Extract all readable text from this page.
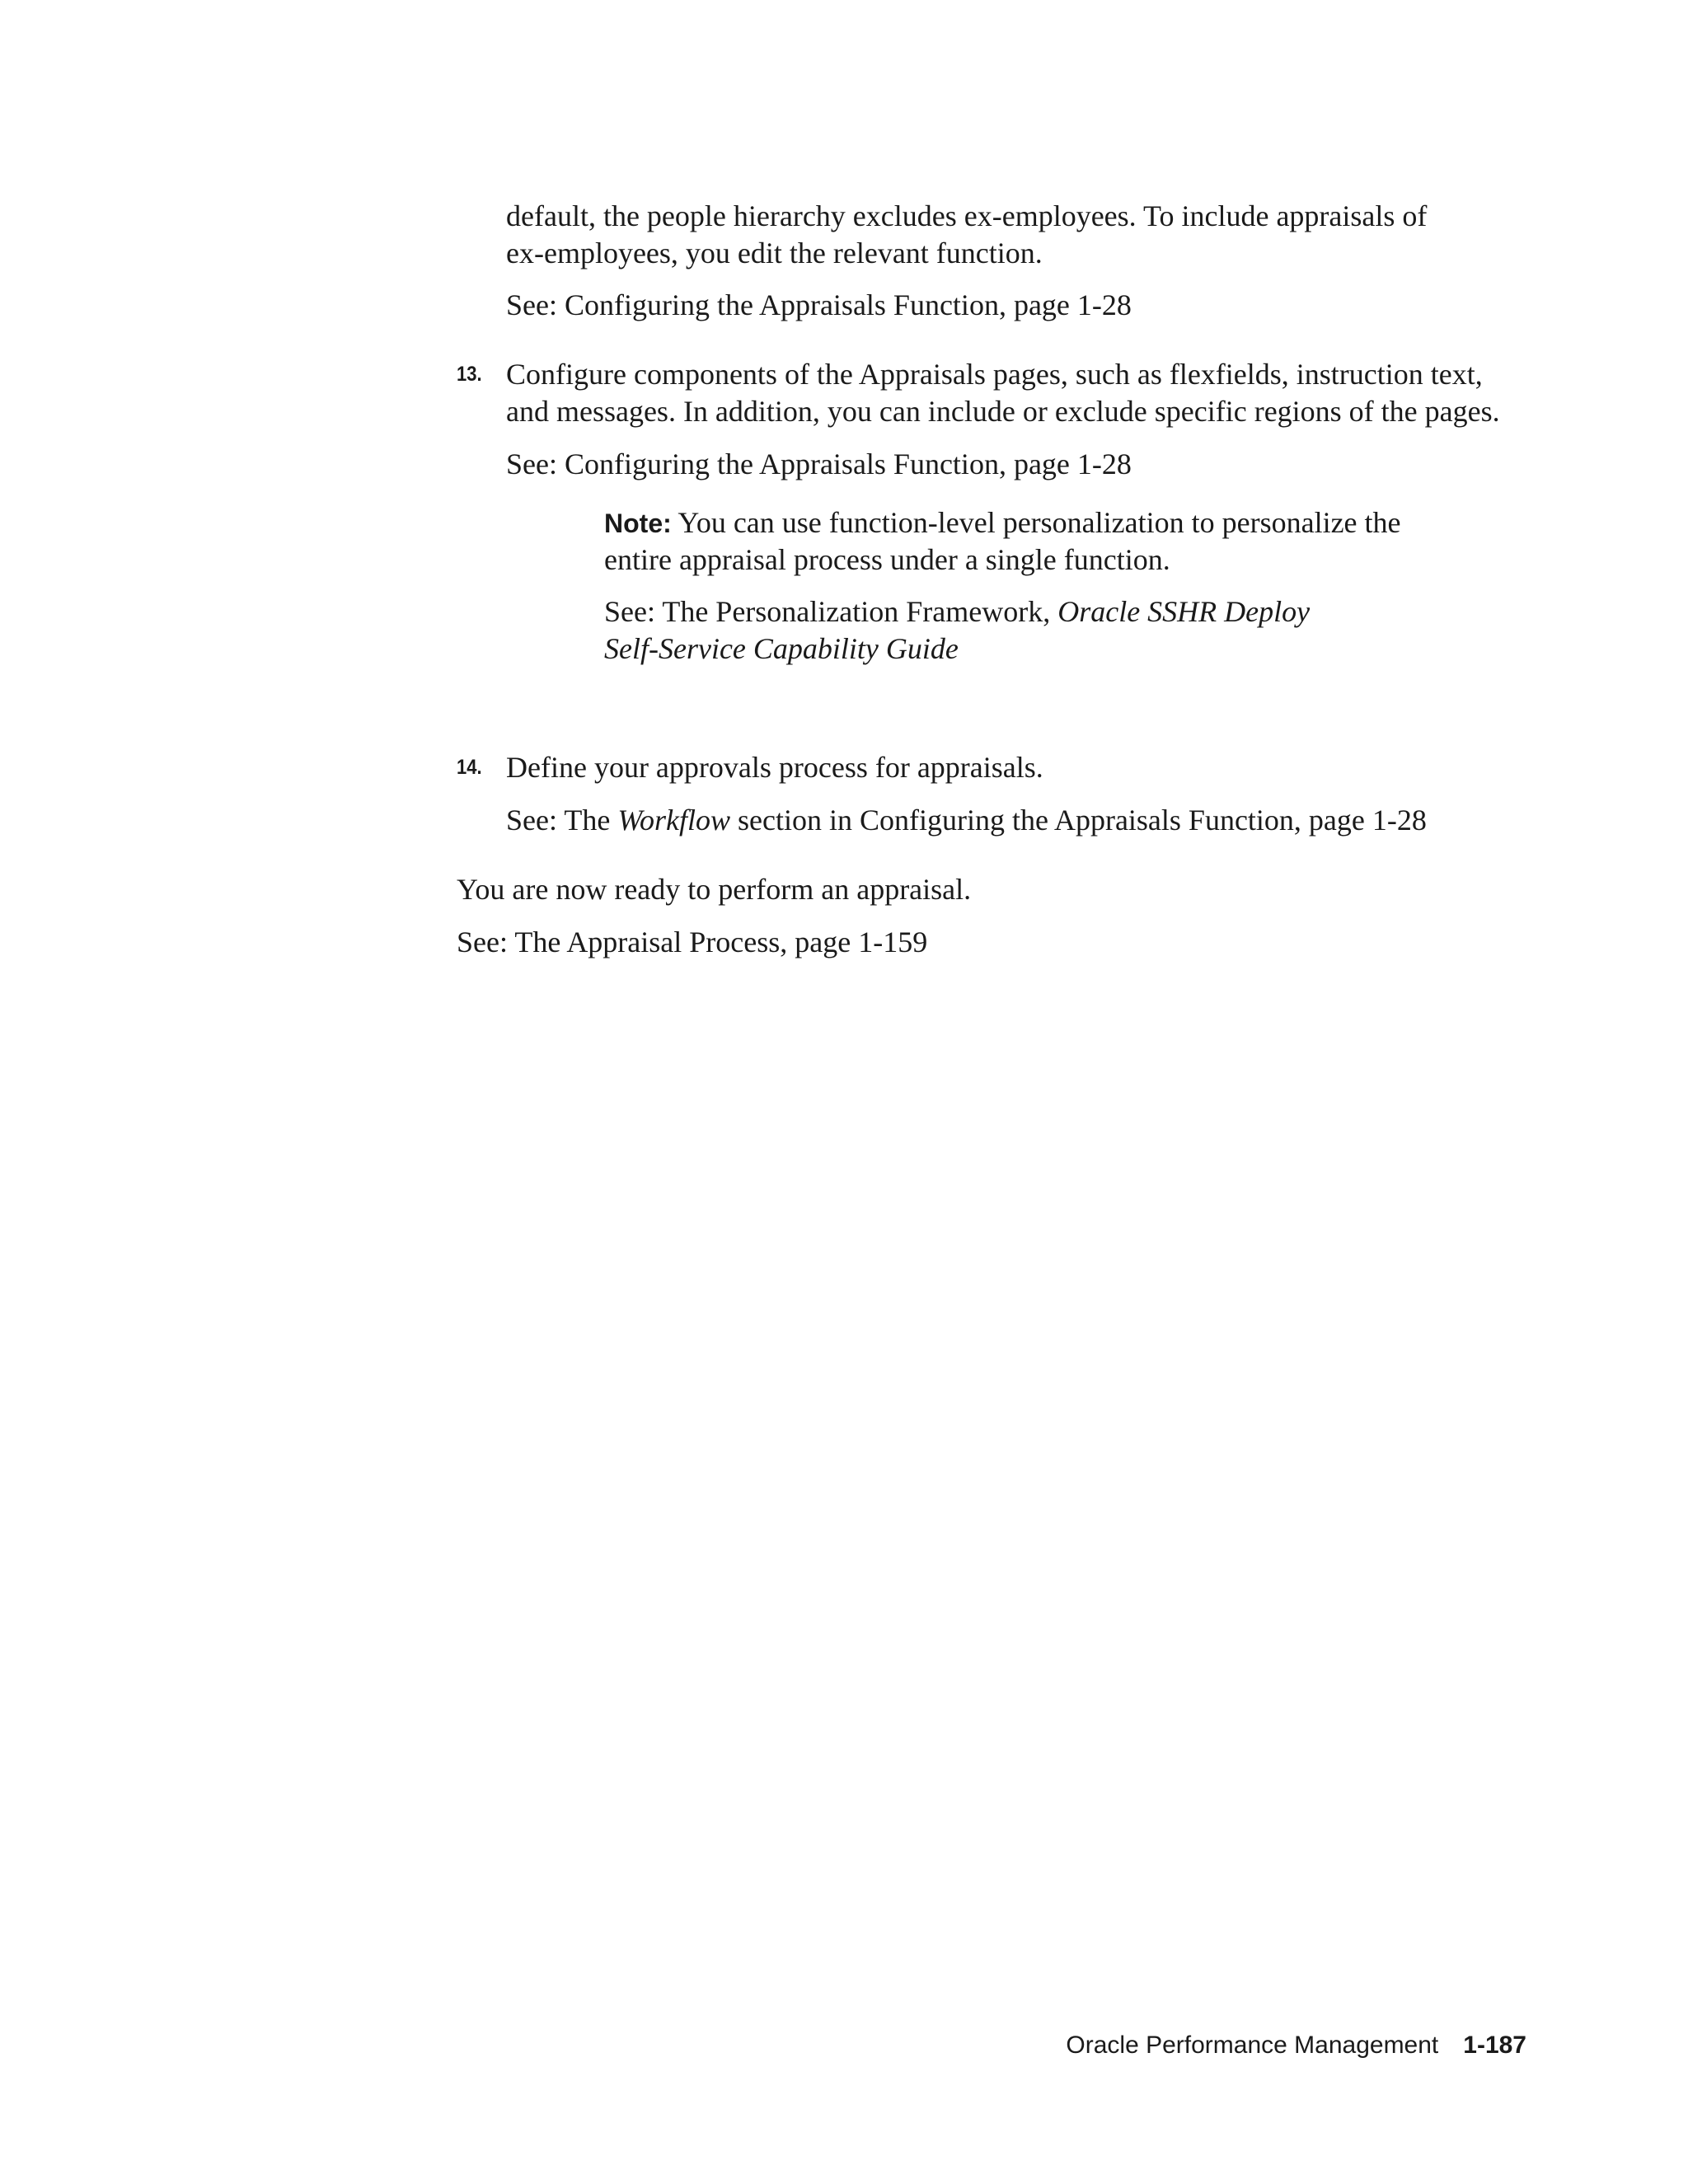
default, the people hierarchy excludes ex-employees. To include appraisals of

ex-employees, you edit the relevant function.

See: Configuring the Appraisals Function, page 1-28

13. Configure components of the Appraisals pages, such as flexfields, instruction text,

and messages. In addition, you can include or exclude specific regions of the pages.

See: Configuring the Appraisals Function, page 1-28

Note: You can use function-level personalization to personalize the

entire appraisal process under a single function.

See: The Personalization Framework, Oracle SSHR Deploy

Self-Service Capability Guide

14. Define your approvals process for appraisals.

See: The Workflow section in Configuring the Appraisals Function, page 1-28

You are now ready to perform an appraisal.

See: The Appraisal Process, page 1-159

Oracle Performance Management 1-187
